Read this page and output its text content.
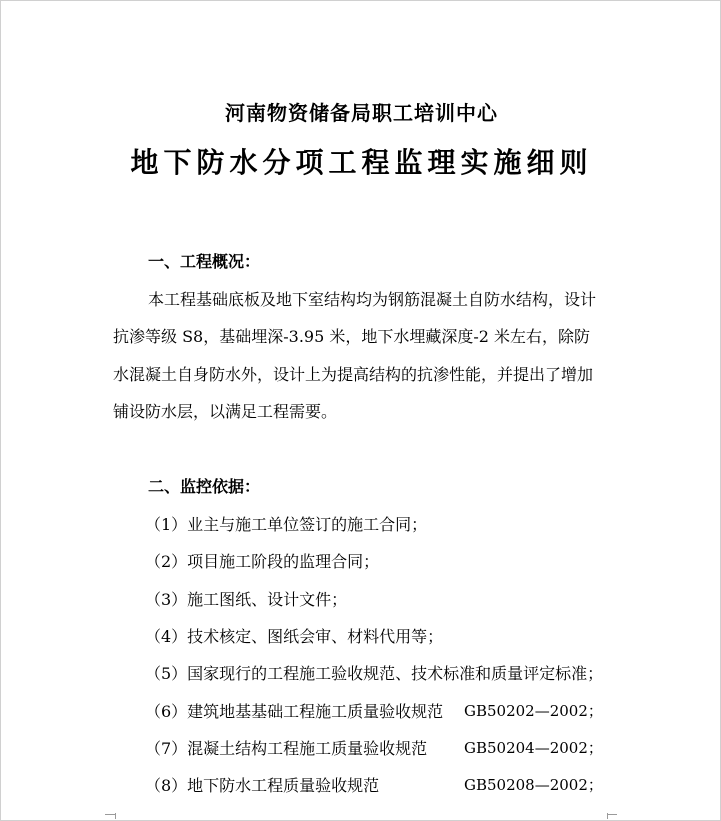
河南物资储备局职工培训中心
地下防水分项工程监理实施细则
一、工程概况：
本工程基础底板及地下室结构均为钢筋混凝土自防水结构，设计
抗渗等级 S8，基础埋深-3.95 米，地下水埋藏深度-2 米左右，除防
水混凝土自身防水外，设计上为提高结构的抗渗性能，并提出了增加
铺设防水层，以满足工程需要。
二、监控依据：
（1）业主与施工单位签订的施工合同；
（2）项目施工阶段的监理合同；
（3）施工图纸、设计文件；
（4）技术核定、图纸会审、材料代用等；
（5）国家现行的工程施工验收规范、技术标准和质量评定标准；
（6）建筑地基基础工程施工质量验收规范 GB50202—2002；
（7）混凝土结构工程施工质量验收规范 GB50204—2002；
（8）地下防水工程质量验收规范	GB50208—2002；
